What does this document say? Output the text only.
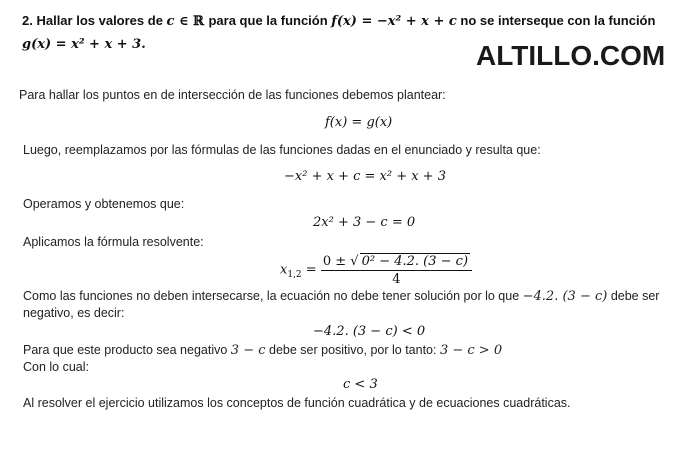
2. Hallar los valores de c ∈ ℝ para que la función f(x) = −x² + x + c no se interseque con la función
g(x) = x² + x + 3.	ALTILLO.COM
Para hallar los puntos en de intersección de las funciones debemos plantear:
f(x) = g(x)
Luego, reemplazamos por las fórmulas de las funciones dadas en el enunciado y resulta que:
−x² + x + c = x² + x + 3
Operamos y obtenemos que:
2x² + 3 − c = 0
Aplicamos la fórmula resolvente:
$x_{1,2} = \frac{\text{0 ± √ 0² − 4.2. (3 − c)}}{4}$
Como las funciones no deben intersecarse, la ecuación no debe tener solución por lo que −4.2. (3 − c) debe ser
negativo, es decir:
−4.2. (3 − c) < 0
Para que este producto sea negativo 3 − c debe ser positivo, por lo tanto: 3 − c > 0
Con lo cual:
c < 3
Al resolver el ejercicio utilizamos los conceptos de función cuadrática y de ecuaciones cuadráticas.
